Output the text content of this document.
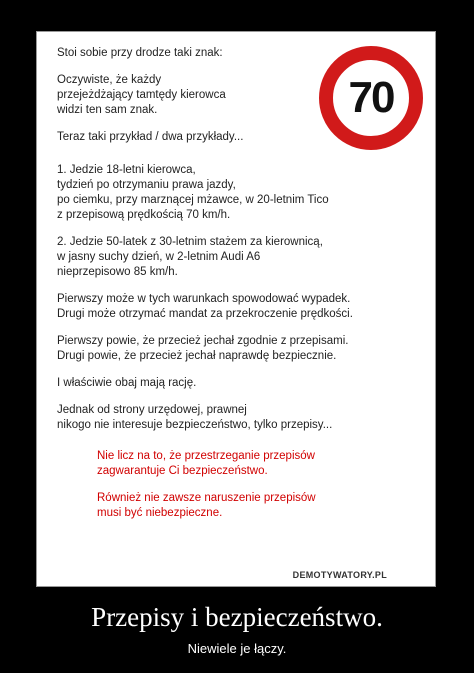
70

Stoi sobie przy drodze taki znak:

Oczywiste, że każdy
przejeżdżający tamtędy kierowca
widzi ten sam znak.

Teraz taki przykład / dwa przykłady...

1. Jedzie 18-letni kierowca,
tydzień po otrzymaniu prawa jazdy,
po ciemku, przy marznącej mżawce, w 20-letnim Tico
z przepisową prędkością 70 km/h.

2. Jedzie 50-latek z 30-letnim stażem za kierownicą,
w jasny suchy dzień, w 2-letnim Audi A6
nieprzepisowo 85 km/h.

Pierwszy może w tych warunkach spowodować wypadek.
Drugi może otrzymać mandat za przekroczenie prędkości.

Pierwszy powie, że przecież jechał zgodnie z przepisami.
Drugi powie, że przecież jechał naprawdę bezpiecznie.

I właściwie obaj mają rację.

Jednak od strony urzędowej, prawnej
nikogo nie interesuje bezpieczeństwo, tylko przepisy...

Nie licz na to, że przestrzeganie przepisów
zagwarantuje Ci bezpieczeństwo.

Również nie zawsze naruszenie przepisów
musi być niebezpieczne.

DEMOTYWATORY.PL
Przepisy i bezpieczeństwo.
Niewiele je łączy.
